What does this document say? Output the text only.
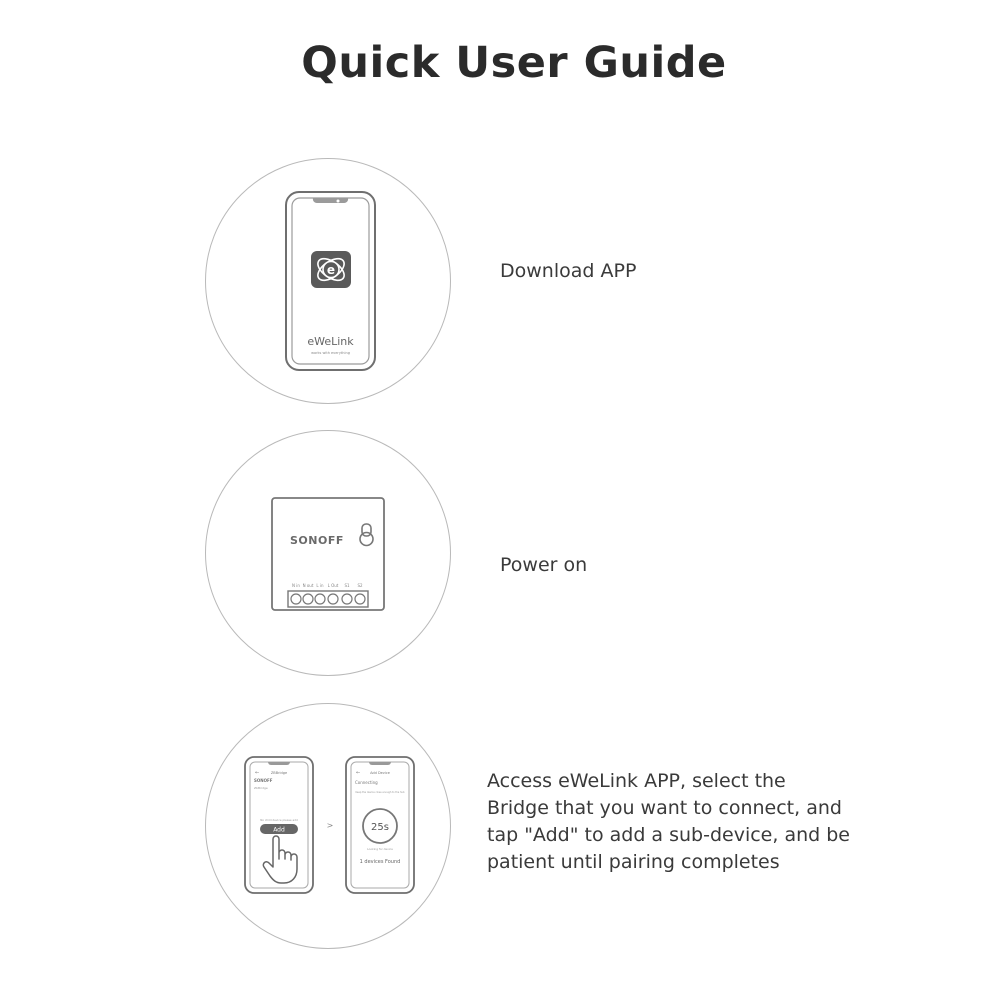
Quick User Guide
e
eWeLink
works with everything
Download APP
SONOFF
N in N out L in L Out S1 S2
Power on
←	ZBBridge
SONOFF
ZbBridge
No child device please add
Add	>
←	Add Device
Connecting
Keep the device close enough to the hub
25s
Looking for device
1 devices Found
Access eWeLink APP, select the
Bridge that you want to connect, and
tap "Add" to add a sub-device, and be
patient until pairing completes
